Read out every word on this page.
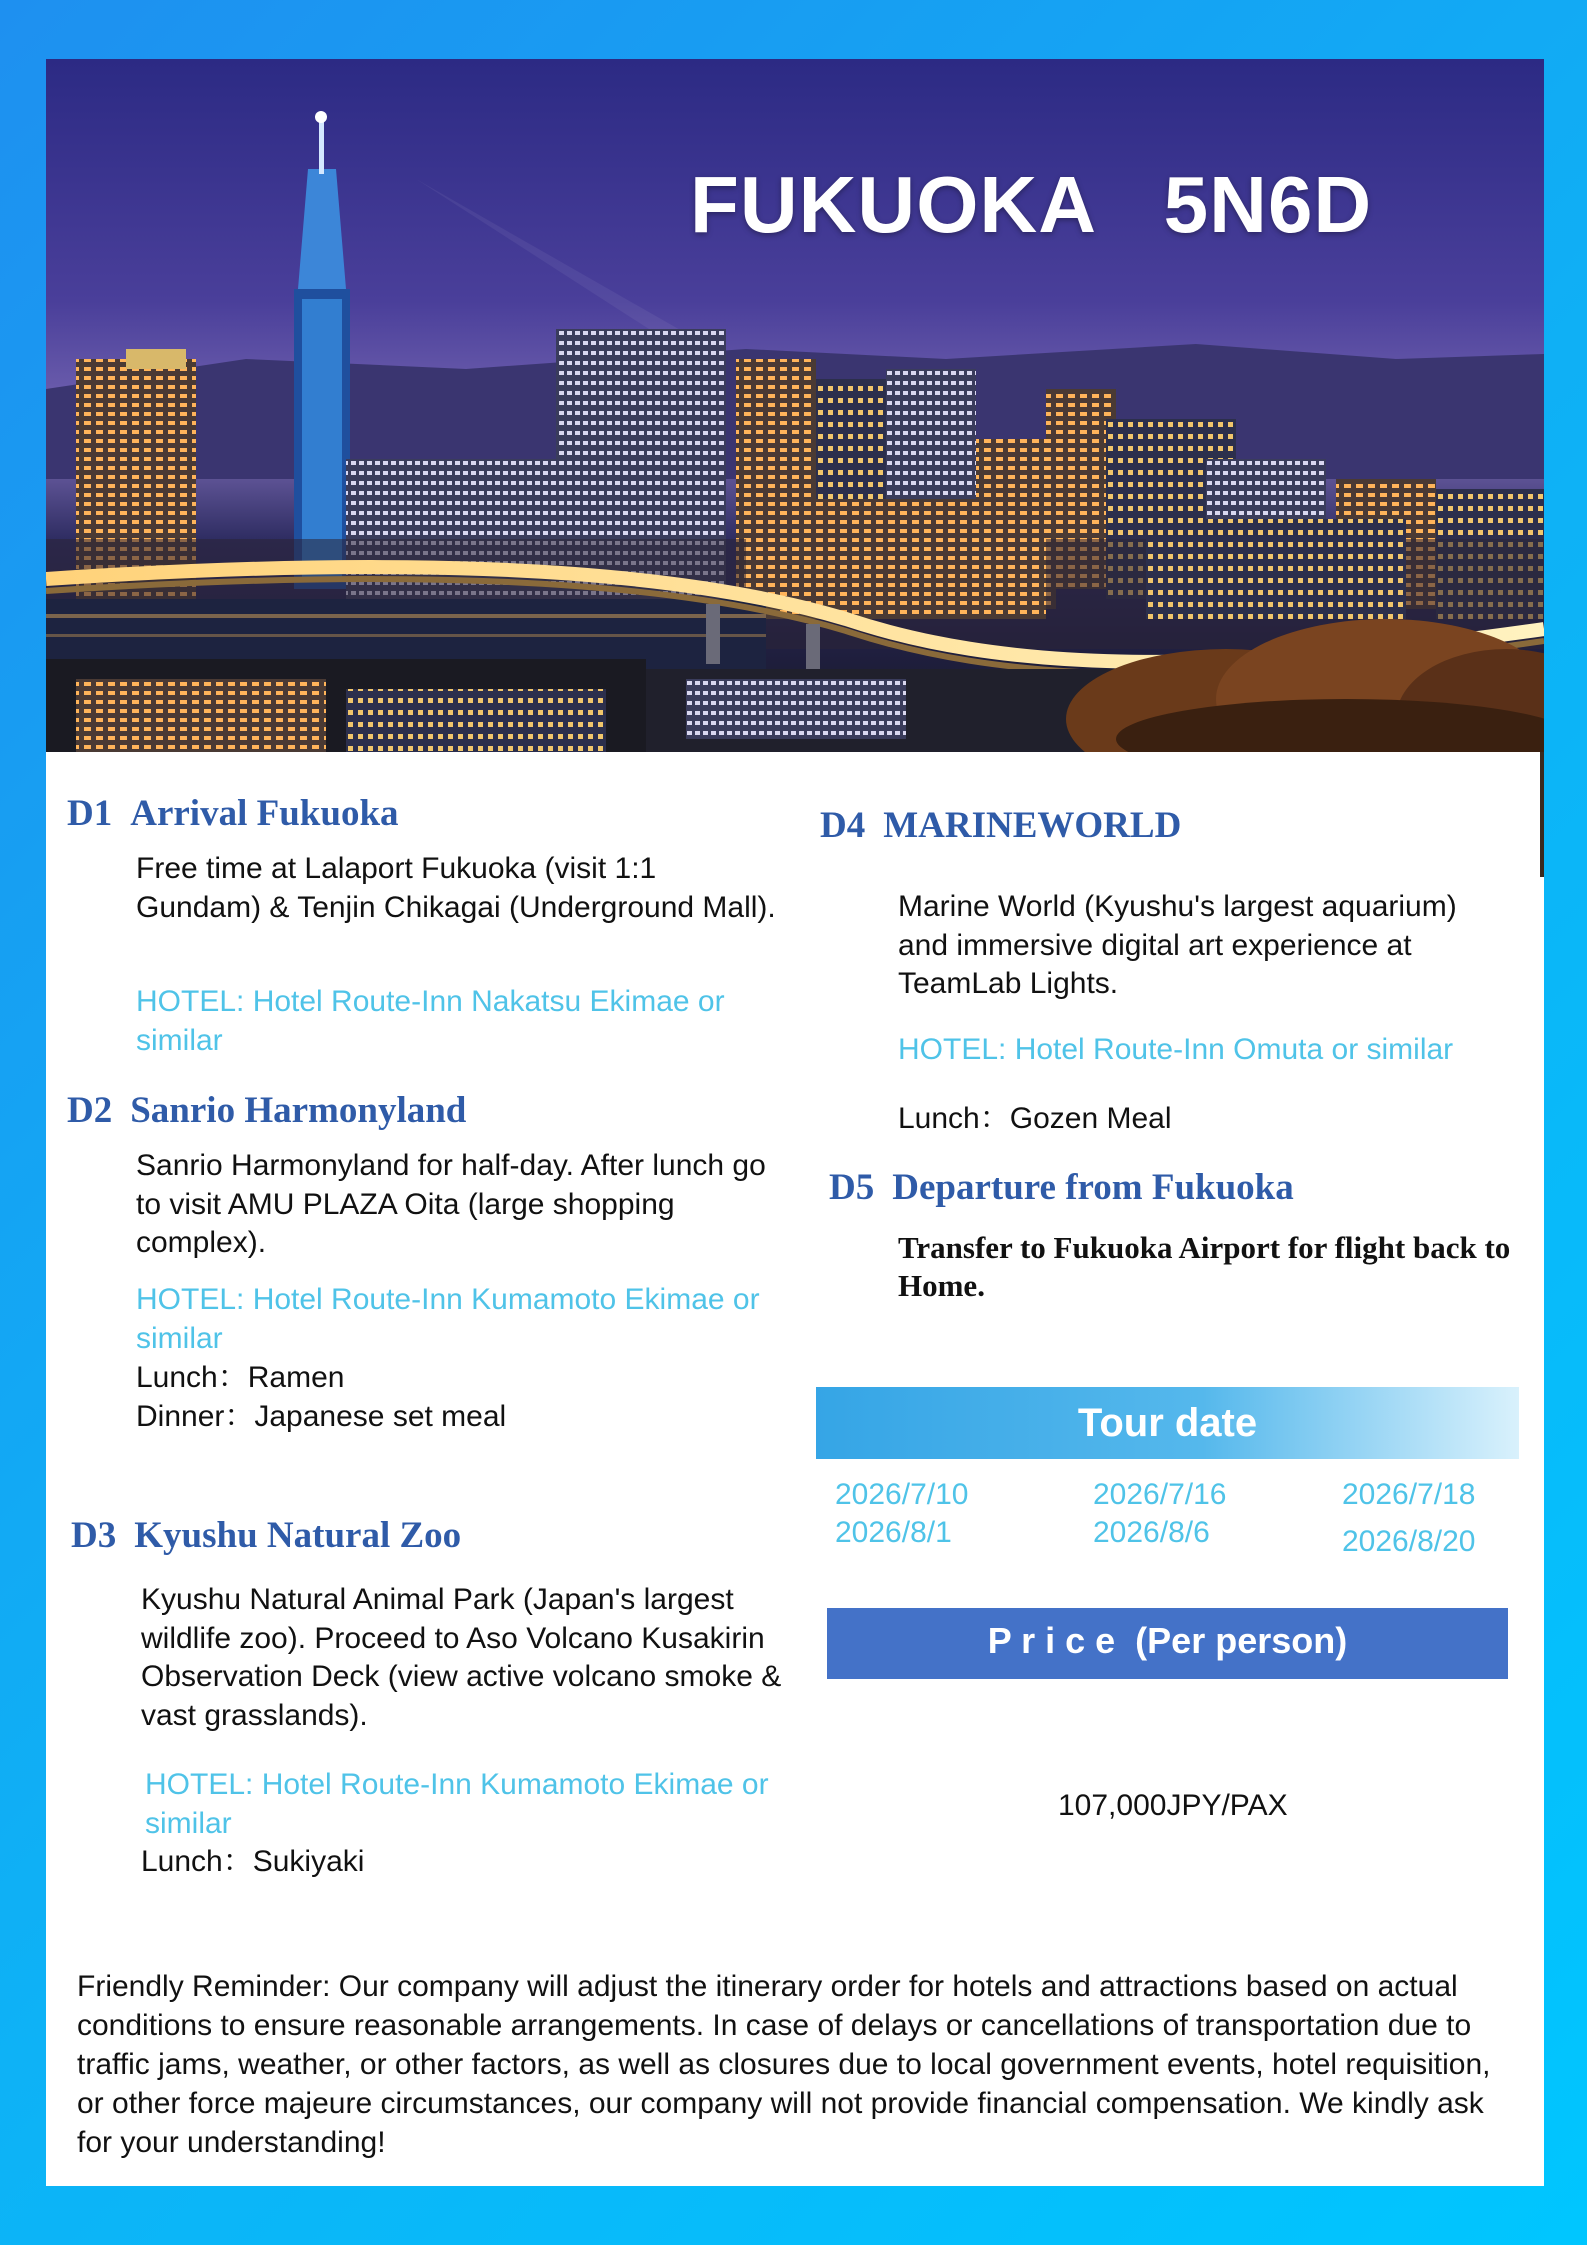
FUKUOKA   5N6D
D1 Arrival Fukuoka
Free time at Lalaport Fukuoka (visit 1:1 Gundam) & Tenjin Chikagai (Underground Mall).
HOTEL: Hotel Route-Inn Nakatsu Ekimae or similar
D2 Sanrio Harmonyland
Sanrio Harmonyland for half-day. After lunch go to visit AMU PLAZA Oita (large shopping complex).
HOTEL: Hotel Route-Inn Kumamoto Ekimae or similar

Lunch：Ramen

Dinner：Japanese set meal

D3 Kyushu Natural Zoo
Kyushu Natural Animal Park (Japan's largest wildlife zoo). Proceed to Aso Volcano Kusakirin Observation Deck (view active volcano smoke & vast grasslands).
HOTEL: Hotel Route-Inn Kumamoto Ekimae or similar

Lunch：Sukiyaki

D4 MARINEWORLD
Marine World (Kyushu's largest aquarium) and immersive digital art experience at TeamLab Lights.
HOTEL: Hotel Route-Inn Omuta or similar

Lunch：Gozen Meal

D5 Departure from Fukuoka
Transfer to Fukuoka Airport for flight back to Home.
Tour date
2026/7/10	2026/7/16	2026/7/18
2026/8/1	2026/8/6	2026/8/20
P r i c e  (Per person)
107,000JPY/PAX
Friendly Reminder: Our company will adjust the itinerary order for hotels and attractions based on actual conditions to ensure reasonable arrangements. In case of delays or cancellations of transportation due to traffic jams, weather, or other factors, as well as closures due to local government events, hotel requisition, or other force majeure circumstances, our company will not provide financial compensation. We kindly ask for your understanding!
